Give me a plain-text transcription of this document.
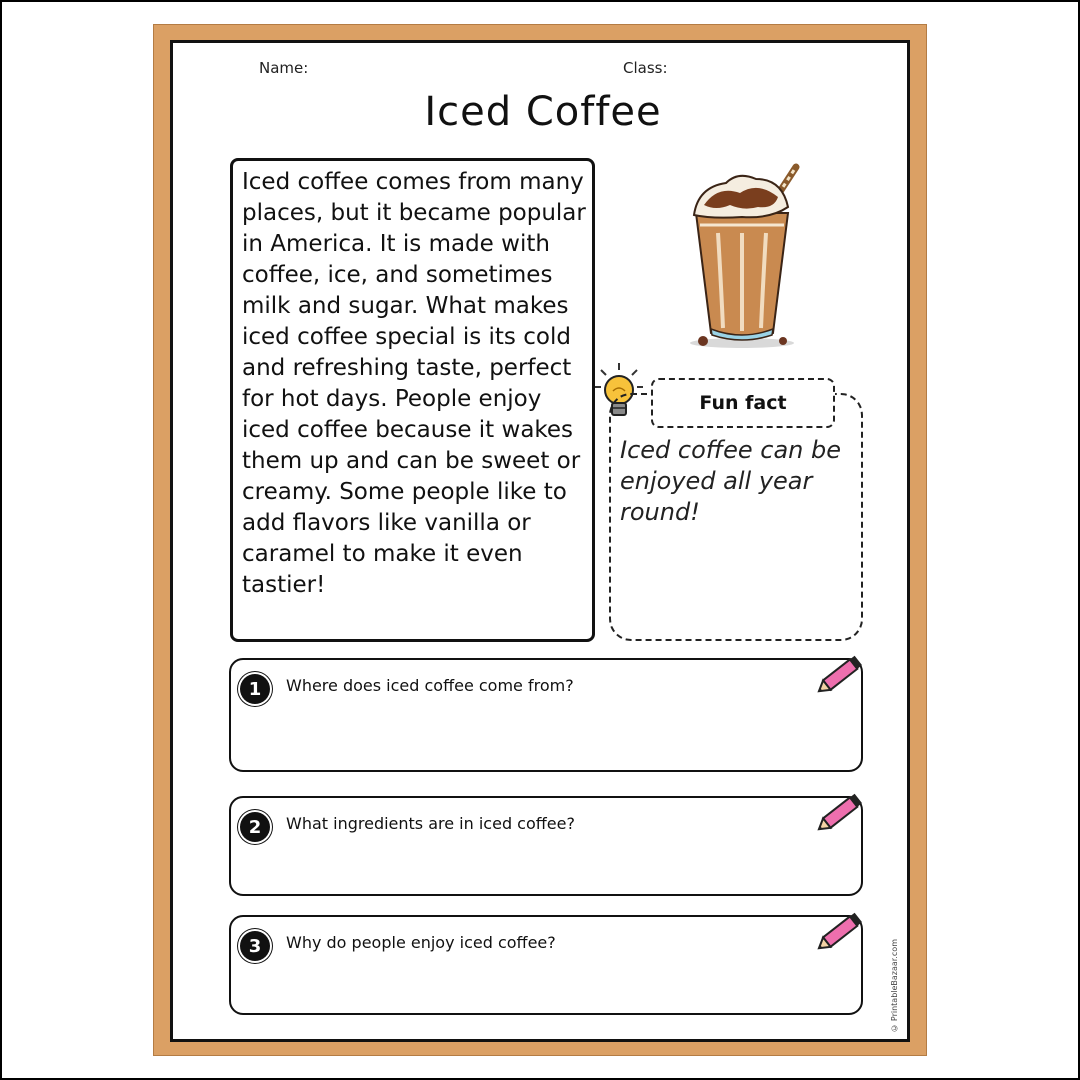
Name:	Class:
Iced Coffee

Iced coffee comes from many places, but it became popular in America. It is made with coffee, ice, and sometimes milk and sugar. What makes iced coffee special is its cold and refreshing taste, perfect for hot days. People enjoy iced coffee because it wakes them up and can be sweet or creamy. Some people like to add flavors like vanilla or caramel to make it even tastier!

Fun fact

Iced coffee can be enjoyed all year round!

1	Where does iced coffee come from?
2	What ingredients are in iced coffee?
3	Why do people enjoy iced coffee?	© PrintableBazaar.com
